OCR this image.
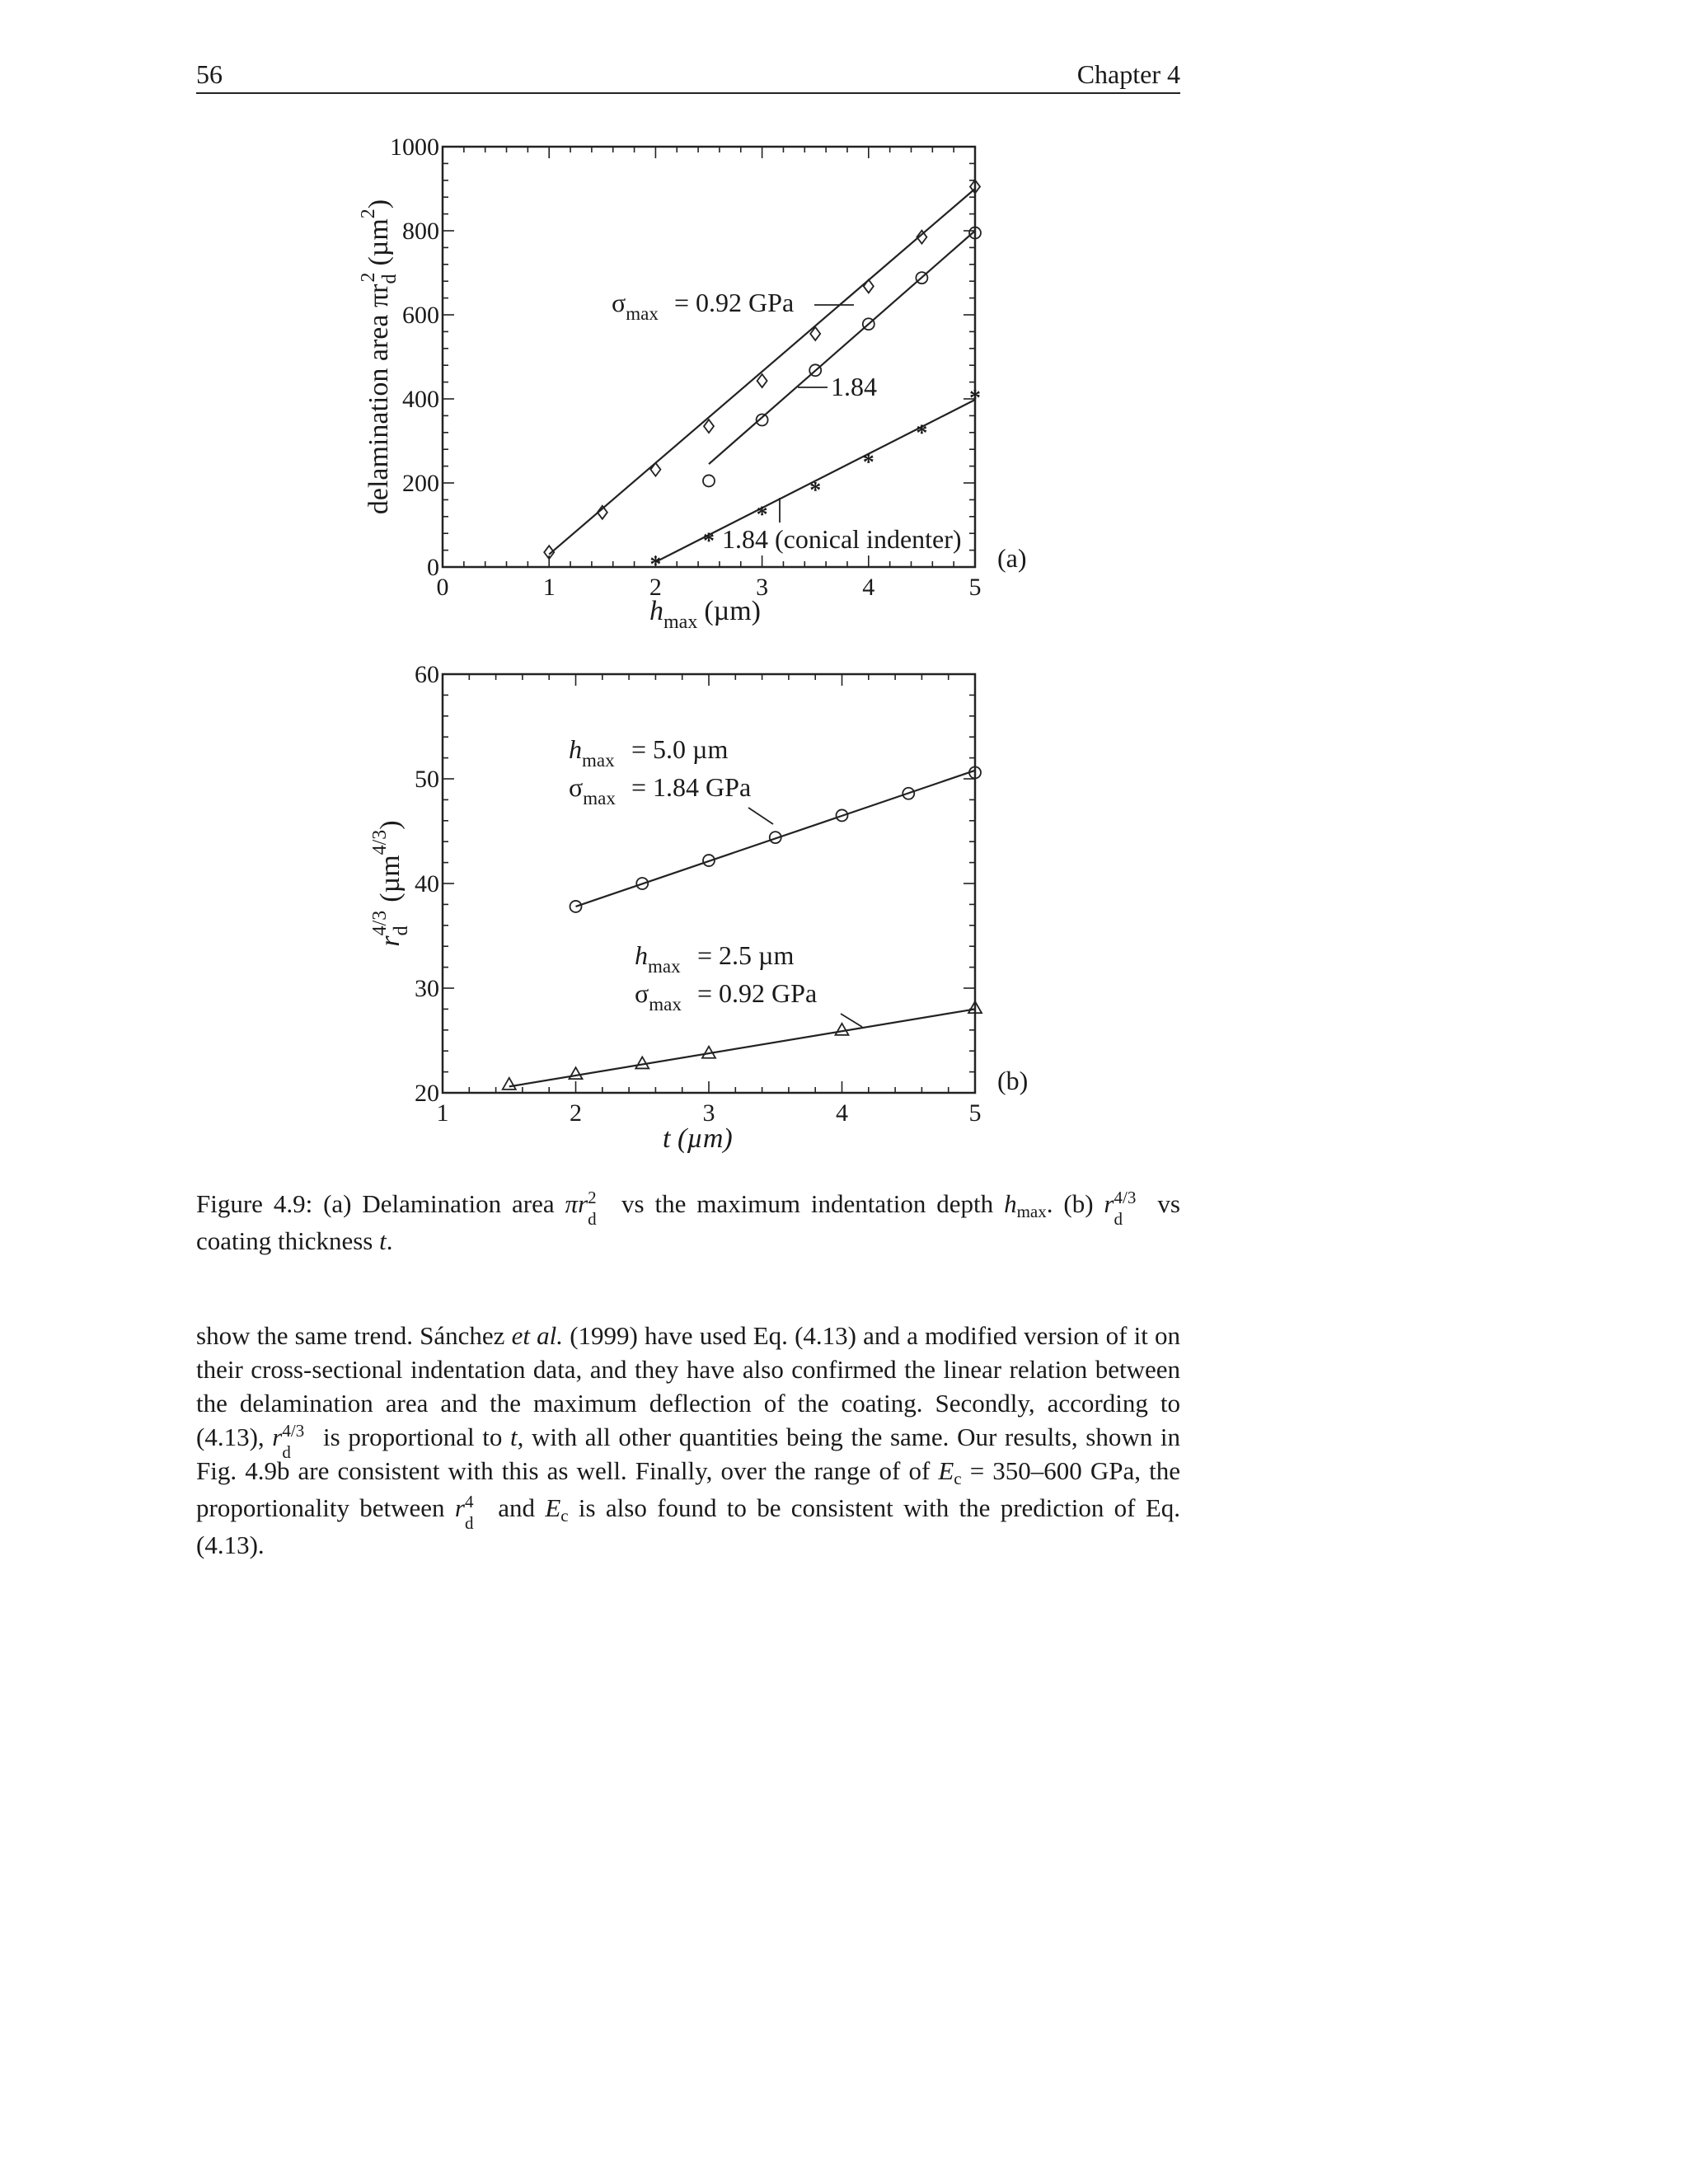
56	Chapter 4
*
*
*
*
*
*
*
0	1	2	3	4	5
0
200
400
600
800
1000
$\sigma_{max} = 0.92$ GPa
1.84
1.84 (conical indenter)
(a)
$h_{max}$ (µm)
delamination area $\pi r_d2(\mu m^2)$
1	2	3	4	5
20
30
40
50
60
$h_{max} = 5.0$ µm
$\sigma_{max} = 1.84$ GPa
$h_{max} = 2.5$ µm
$\sigma_{max} = 0.92$ GPa
(b)
t (µm)
$r_d4/3(\mu m^{4/3})$
Figure 4.9: (a) Delamination area πr 2
d
vs the maximum indentation depth hmax. (b) r 4/3
d
vs coating thickness t.
show the same trend. Sánchez et al. (1999) have used Eq. (4.13) and a modified version of it on their cross-sectional indentation data, and they have also confirmed the linear relation between the delamination area and the maximum deflection of the coating. Secondly, according to (4.13), r 4/3
d
is proportional to t, with all other quantities being the same. Our results, shown in Fig. 4.9b are consistent with this as well. Finally, over the range of of Ec = 350–600 GPa, the proportionality between r 4
d
and Ec is also found to be consistent with the prediction of Eq. (4.13).
